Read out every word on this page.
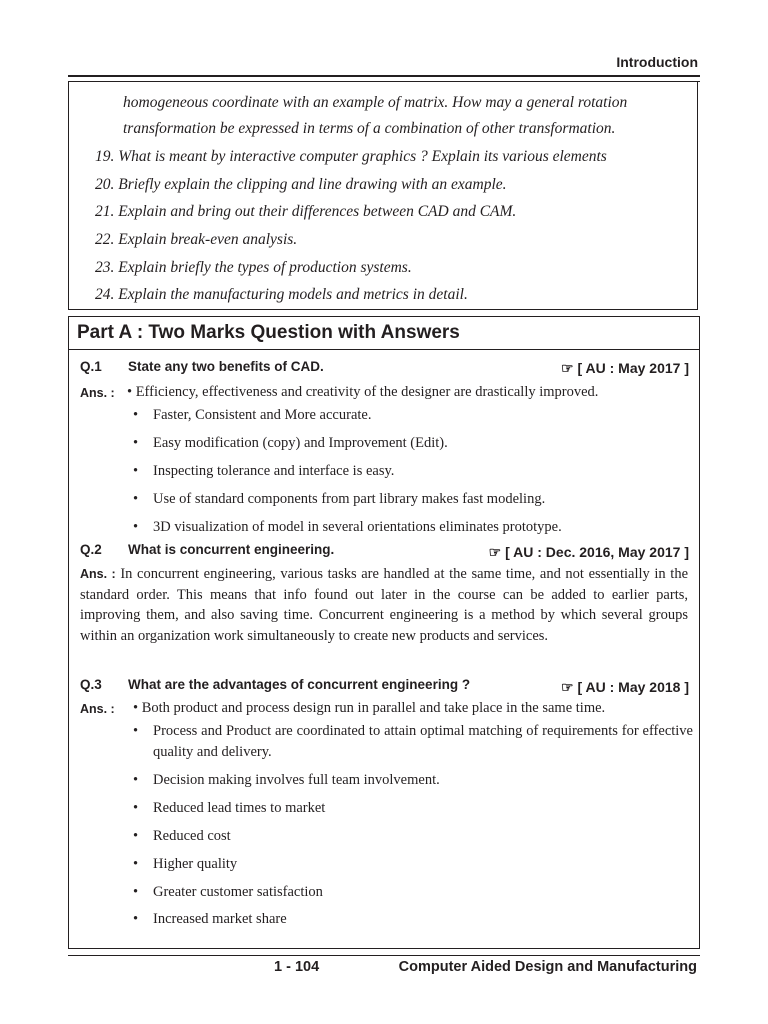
Introduction
homogeneous coordinate with an example of matrix. How may a general rotation
transformation be expressed in terms of a combination of other transformation.
19. What is meant by interactive computer graphics ? Explain its various elements
20. Briefly explain the clipping and line drawing with an example.
21. Explain and bring out their differences between CAD and CAM.
22. Explain break-even analysis.
23. Explain briefly the types of production systems.
24. Explain the manufacturing models and metrics in detail.
Part A : Two Marks Question with Answers
Q.1 State any two benefits of CAD.	☞ [ AU : May 2017 ]
Ans. : • Efficiency, effectiveness and creativity of the designer are drastically improved.
• Faster, Consistent and More accurate.
• Easy modification (copy) and Improvement (Edit).
• Inspecting tolerance and interface is easy.
• Use of standard components from part library makes fast modeling.
• 3D visualization of model in several orientations eliminates prototype.
Q.2 What is concurrent engineering.	☞ [ AU : Dec. 2016, May 2017 ]
Ans. : In concurrent engineering, various tasks are handled at the same time, and not essentially in the standard order. This means that info found out later in the course can be added to earlier parts, improving them, and also saving time. Concurrent engineering is a method by which several groups within an organization work simultaneously to create new products and services.
Q.3 What are the advantages of concurrent engineering ?	☞ [ AU : May 2018 ]
Ans. : • Both product and process design run in parallel and take place in the same time.
• Process and Product are coordinated to attain optimal matching of requirements for effective quality and delivery.
• Decision making involves full team involvement.
• Reduced lead times to market
• Reduced cost
• Higher quality
• Greater customer satisfaction
• Increased market share
1 - 104	Computer Aided Design and Manufacturing
